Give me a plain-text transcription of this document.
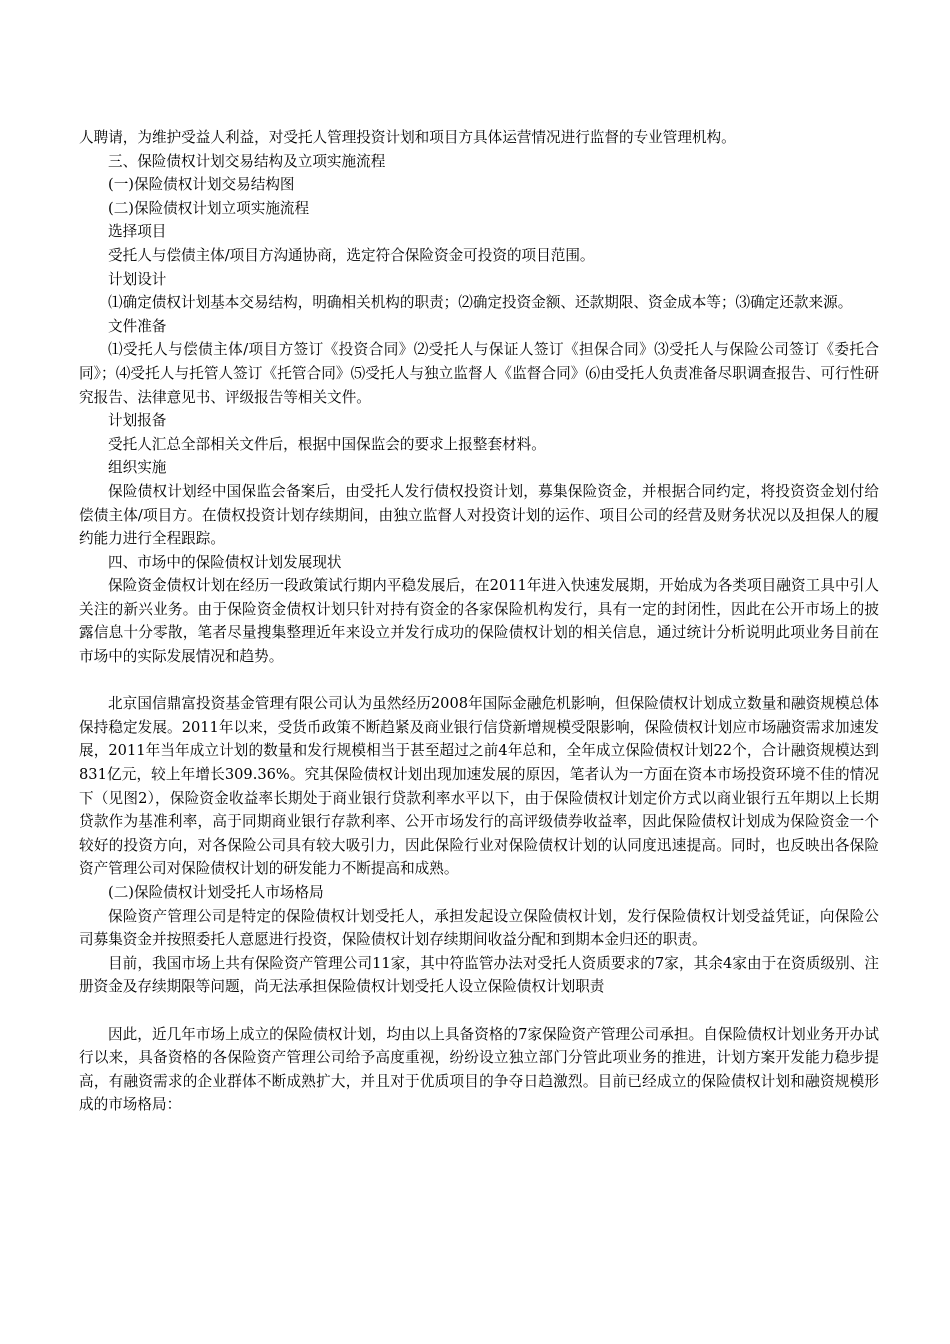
人聘请，为维护受益人利益，对受托人管理投资计划和项目方具体运营情况进行监督的专业管理机构。

三、保险债权计划交易结构及立项实施流程

(一)保险债权计划交易结构图

(二)保险债权计划立项实施流程

选择项目

受托人与偿债主体/项目方沟通协商，选定符合保险资金可投资的项目范围。

计划设计

⑴确定债权计划基本交易结构，明确相关机构的职责；⑵确定投资金额、还款期限、资金成本等；⑶确定还款来源。

文件准备

⑴受托人与偿债主体/项目方签订《投资合同》⑵受托人与保证人签订《担保合同》⑶受托人与保险公司签订《委托合同》；⑷受托人与托管人签订《托管合同》⑸受托人与独立监督人《监督合同》⑹由受托人负责准备尽职调查报告、可行性研究报告、法律意见书、评级报告等相关文件。

计划报备

受托人汇总全部相关文件后，根据中国保监会的要求上报整套材料。

组织实施

保险债权计划经中国保监会备案后，由受托人发行债权投资计划，募集保险资金，并根据合同约定，将投资资金划付给偿债主体/项目方。在债权投资计划存续期间，由独立监督人对投资计划的运作、项目公司的经营及财务状况以及担保人的履约能力进行全程跟踪。

四、市场中的保险债权计划发展现状

保险资金债权计划在经历一段政策试行期内平稳发展后，在2011年进入快速发展期，开始成为各类项目融资工具中引人关注的新兴业务。由于保险资金债权计划只针对持有资金的各家保险机构发行，具有一定的封闭性，因此在公开市场上的披露信息十分零散，笔者尽量搜集整理近年来设立并发行成功的保险债权计划的相关信息，通过统计分析说明此项业务目前在市场中的实际发展情况和趋势。

北京国信鼎富投资基金管理有限公司认为虽然经历2008年国际金融危机影响，但保险债权计划成立数量和融资规模总体保持稳定发展。2011年以来，受货币政策不断趋紧及商业银行信贷新增规模受限影响，保险债权计划应市场融资需求加速发展，2011年当年成立计划的数量和发行规模相当于甚至超过之前4年总和，全年成立保险债权计划22个，合计融资规模达到831亿元，较上年增长309.36%。究其保险债权计划出现加速发展的原因，笔者认为一方面在资本市场投资环境不佳的情况下（见图2），保险资金收益率长期处于商业银行贷款利率水平以下，由于保险债权计划定价方式以商业银行五年期以上长期贷款作为基准利率，高于同期商业银行存款利率、公开市场发行的高评级债券收益率，因此保险债权计划成为保险资金一个较好的投资方向，对各保险公司具有较大吸引力，因此保险行业对保险债权计划的认同度迅速提高。同时，也反映出各保险资产管理公司对保险债权计划的研发能力不断提高和成熟。

(二)保险债权计划受托人市场格局

保险资产管理公司是特定的保险债权计划受托人，承担发起设立保险债权计划，发行保险债权计划受益凭证，向保险公司募集资金并按照委托人意愿进行投资，保险债权计划存续期间收益分配和到期本金归还的职责。

目前，我国市场上共有保险资产管理公司11家，其中符监管办法对受托人资质要求的7家，其余4家由于在资质级别、注册资金及存续期限等问题，尚无法承担保险债权计划受托人设立保险债权计划职责

因此，近几年市场上成立的保险债权计划，均由以上具备资格的7家保险资产管理公司承担。自保险债权计划业务开办试行以来，具备资格的各保险资产管理公司给予高度重视，纷纷设立独立部门分管此项业务的推进，计划方案开发能力稳步提高，有融资需求的企业群体不断成熟扩大，并且对于优质项目的争夺日趋激烈。目前已经成立的保险债权计划和融资规模形成的市场格局：
